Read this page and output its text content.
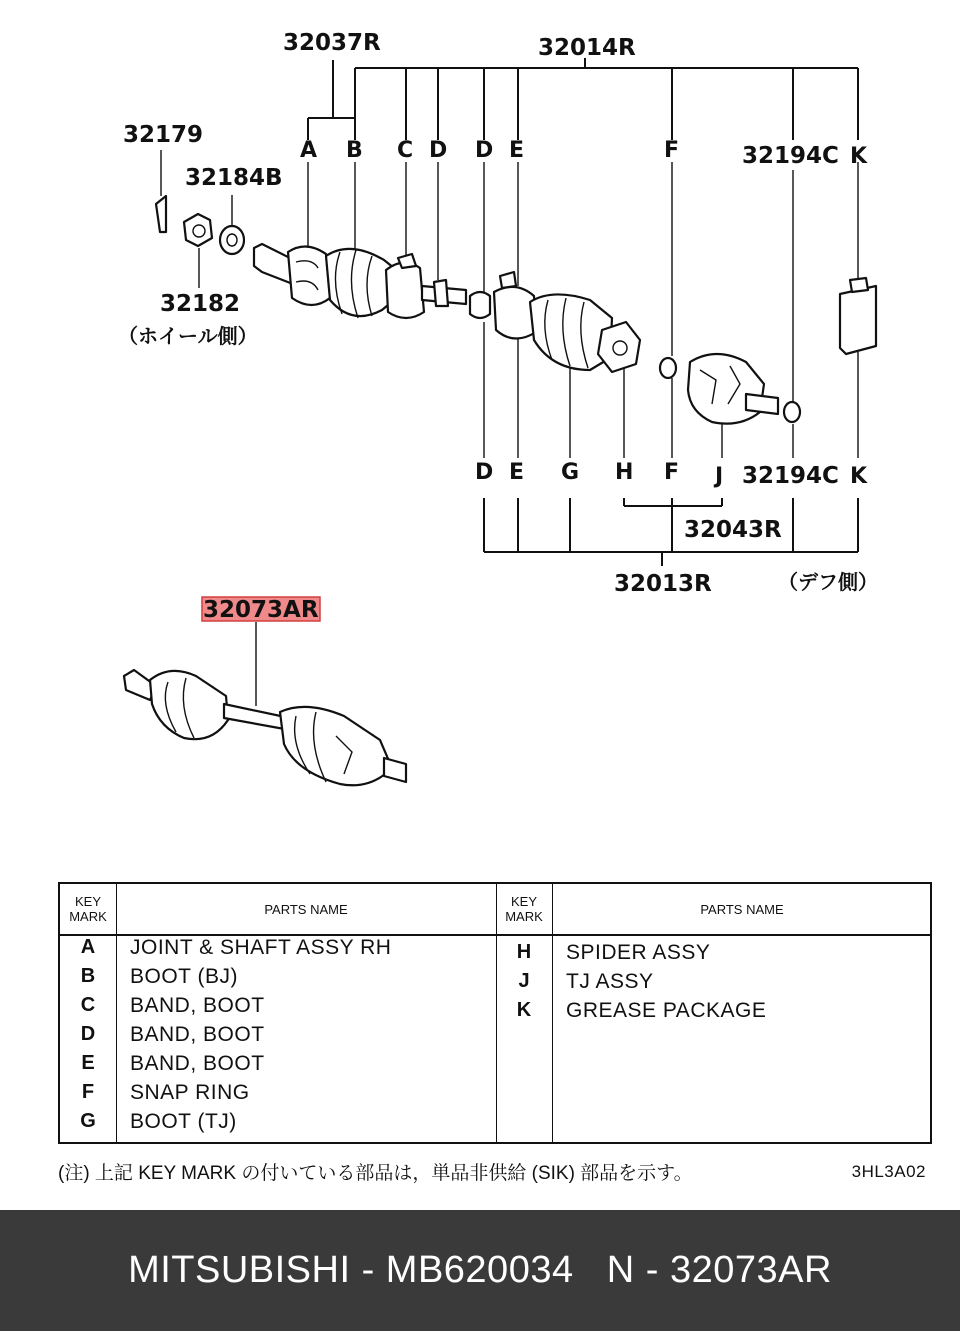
32037R	32014R
32179
32184B
32182
（ホイール側）
32194C
32194C
32043R
32013R	（デフ側）
A B C D D E	F	K
D E G H F J	K
32073AR
KEY
MARK	PARTS NAME	KEY
MARK	PARTS NAME
A	JOINT & SHAFT ASSY RH
B	BOOT (BJ)
C	BAND, BOOT
D	BAND, BOOT
E	BAND, BOOT
F	SNAP RING
G	BOOT (TJ)
H	SPIDER ASSY
J	TJ ASSY
K	GREASE PACKAGE
(注) 上記 KEY MARK の付いている部品は，単品非供給 (SIK) 部品を示す。	3HL3A02
MITSUBISHI - MB620034   N - 32073AR
